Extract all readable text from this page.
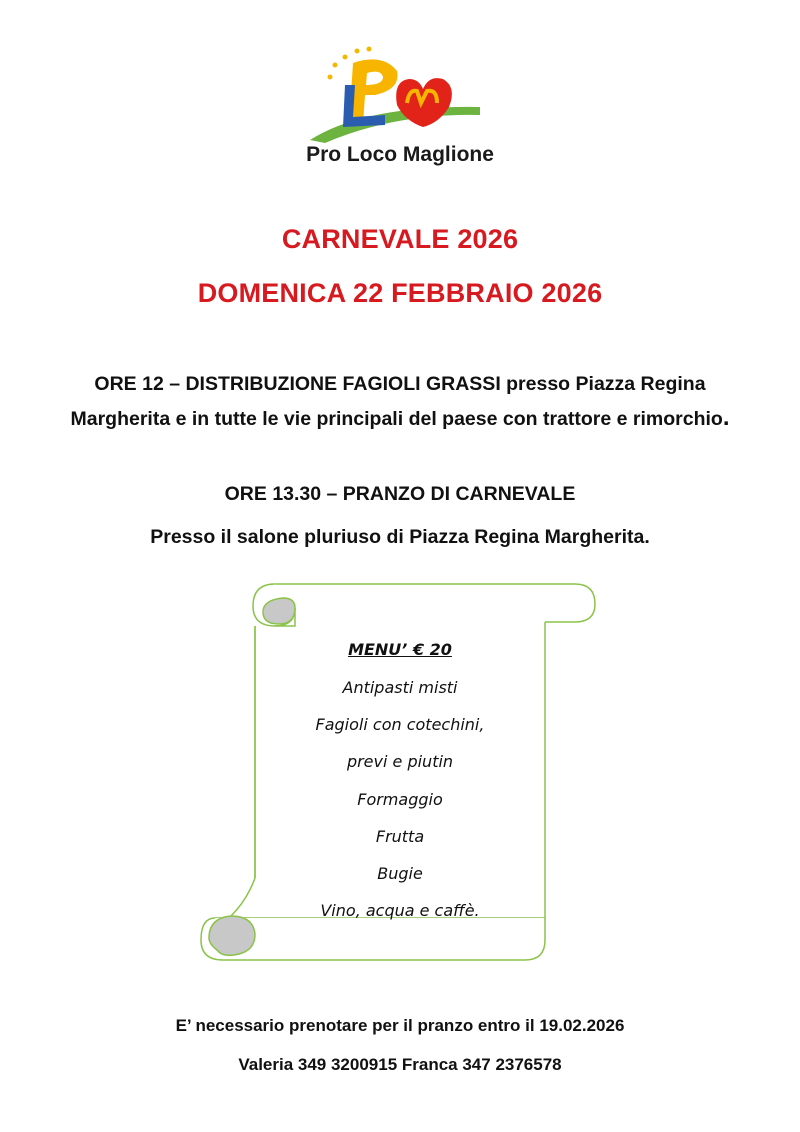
Pro Loco Maglione
CARNEVALE 2026
DOMENICA 22 FEBBRAIO 2026
ORE 12 – DISTRIBUZIONE FAGIOLI GRASSI presso Piazza Regina Margherita e in tutte le vie principali del paese con trattore e rimorchio.
ORE 13.30 – PRANZO DI CARNEVALE
Presso il salone pluriuso di Piazza Regina Margherita.
MENU’ € 20
Antipasti misti
Fagioli con cotechini,
previ e piutin
Formaggio
Frutta
Bugie
Vino, acqua e caffè.
E’ necessario prenotare per il pranzo entro il 19.02.2026
Valeria 349 3200915 Franca 347 2376578
